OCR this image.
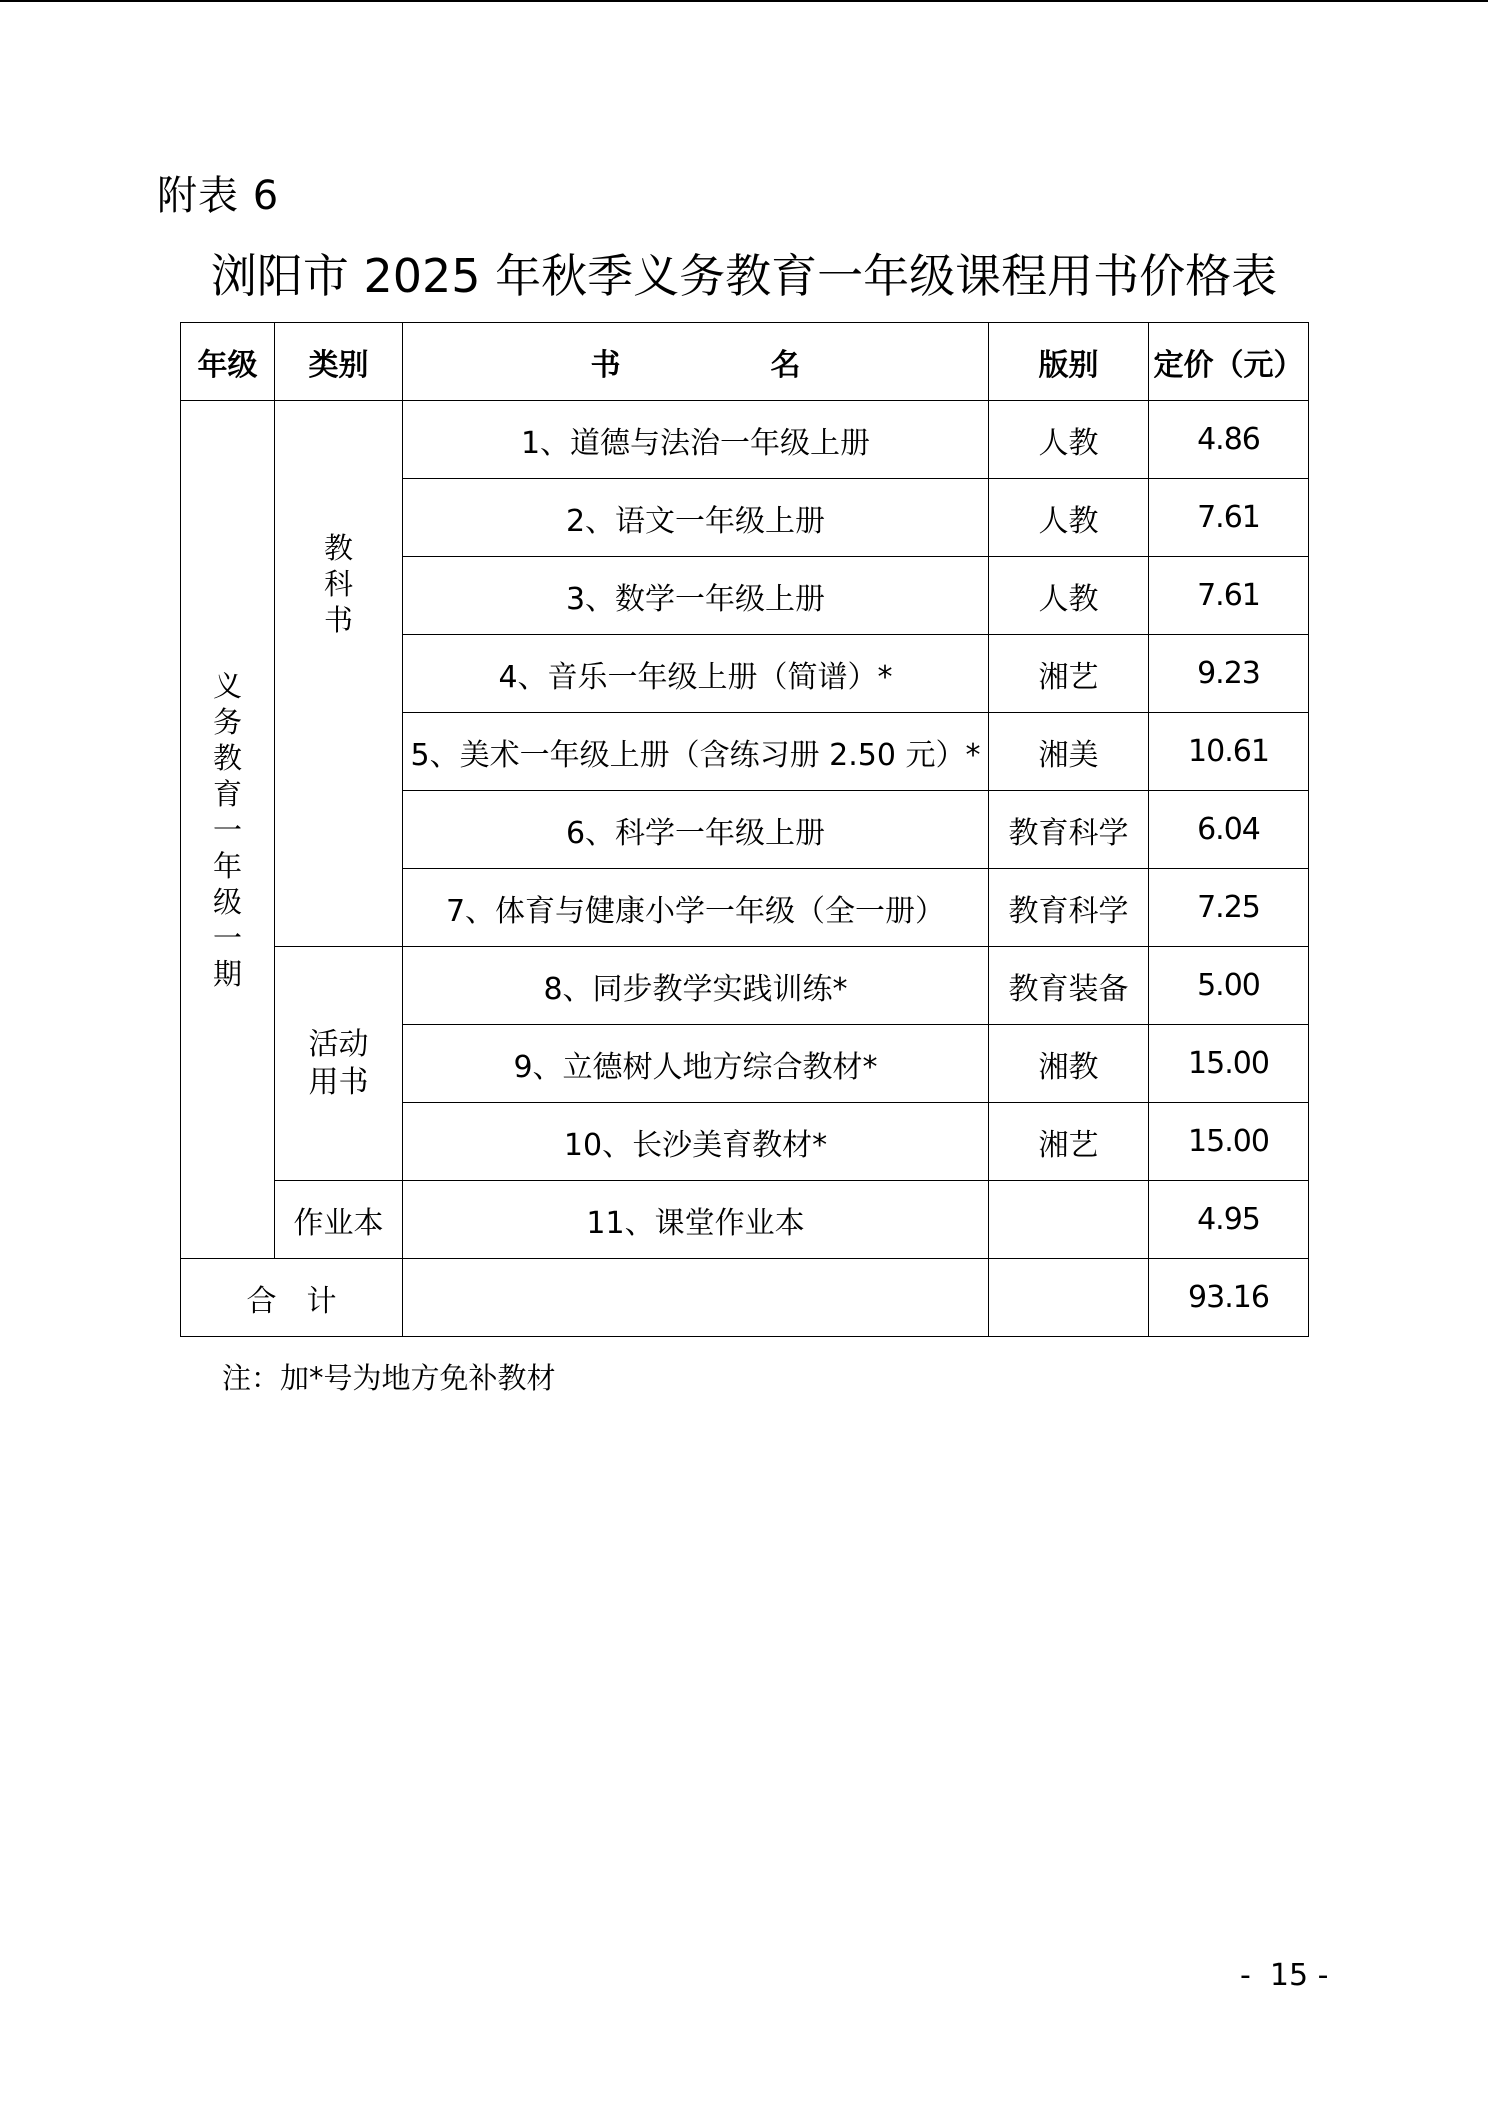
附表 6
浏阳市 2025 年秋季义务教育一年级课程用书价格表
年级	类别	书 名	版别	定价（元）
义务教育一年级一期	教科书	1、道德与法治一年级上册	人教	4.86
		2、语文一年级上册	人教	7.61
		3、数学一年级上册	人教	7.61
		4、音乐一年级上册（简谱）*	湘艺	9.23
		5、美术一年级上册（含练习册 2.50 元）*	湘美	10.61
		6、科学一年级上册	教育科学	6.04
		7、体育与健康小学一年级（全一册）	教育科学	7.25
	活动用书	8、同步教学实践训练*	教育装备	5.00
		9、立德树人地方综合教材*	湘教	15.00
		10、长沙美育教材*	湘艺	15.00
	作业本	11、课堂作业本		4.95
合　计				93.16
注：加*号为地方免补教材
-  15 -
